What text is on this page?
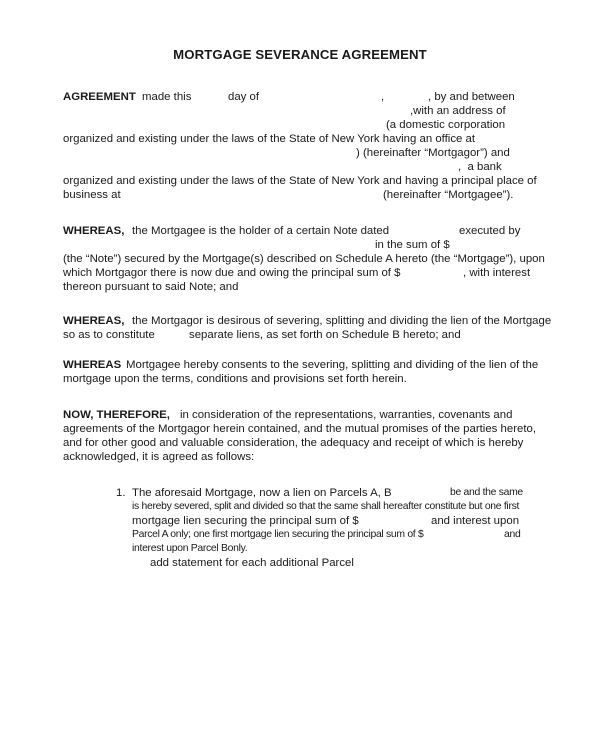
MORTGAGE SEVERANCE AGREEMENT
AGREEMENT made this	day of	,	, by and between
,with an address of
(a domestic corporation
organized and existing under the laws of the State of New York having an office at
) (hereinafter “Mortgagor”) and
,  a bank
organized and existing under the laws of the State of New York and having a principal place of
business at	(hereinafter “Mortgagee”).
WHEREAS, the Mortgagee is the holder of a certain Note dated	executed by
in the sum of $
(the “Note”) secured by the Mortgage(s) described on Schedule A hereto (the “Mortgage”), upon
which Mortgagor there is now due and owing the principal sum of $	, with interest
thereon pursuant to said Note; and
WHEREAS, the Mortgagor is desirous of severing, splitting and dividing the lien of the Mortgage
so as to constitute	separate liens, as set forth on Schedule B hereto; and
WHEREAS Mortgagee hereby consents to the severing, splitting and dividing of the lien of the
mortgage upon the terms, conditions and provisions set forth herein.
NOW, THEREFORE, in consideration of the representations, warranties, covenants and
agreements of the Mortgagor herein contained, and the mutual promises of the parties hereto,
and for other good and valuable consideration, the adequacy and receipt of which is hereby
acknowledged, it is agreed as follows:
1. The aforesaid Mortgage, now a lien on Parcels A, B	be and the same
is hereby severed, split and divided so that the same shall hereafter constitute but one first
mortgage lien securing the principal sum of $	and interest upon
Parcel A only; one first mortgage lien securing the principal sum of $	and
interest upon Parcel Bonly.
add statement for each additional Parcel
